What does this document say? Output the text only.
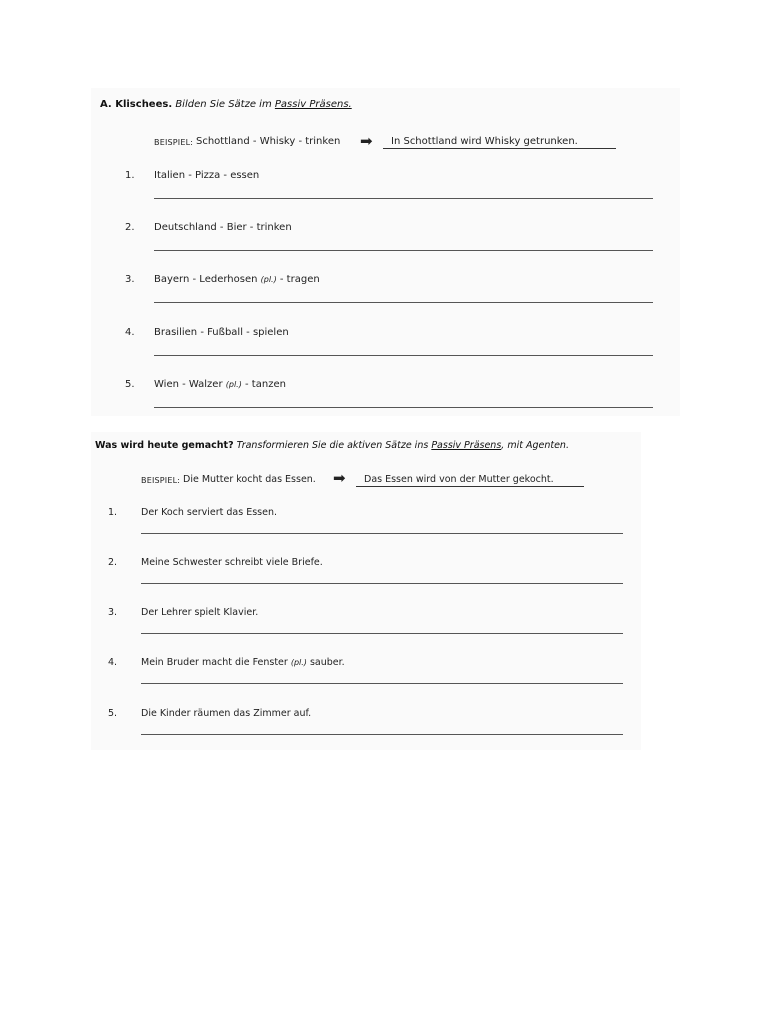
A. Klischees. Bilden Sie Sätze im Passiv Präsens.
BEISPIEL: Schottland - Whisky - trinken ➡	In Schottland wird Whisky getrunken.
1. Italien - Pizza - essen
2. Deutschland - Bier - trinken
3. Bayern - Lederhosen (pl.) - tragen
4. Brasilien - Fußball - spielen
5. Wien - Walzer (pl.) - tanzen
Was wird heute gemacht? Transformieren Sie die aktiven Sätze ins Passiv Präsens, mit Agenten.
BEISPIEL: Die Mutter kocht das Essen. ➡	Das Essen wird von der Mutter gekocht.
1.	Der Koch serviert das Essen.
2.	Meine Schwester schreibt viele Briefe.
3.	Der Lehrer spielt Klavier.
4.	Mein Bruder macht die Fenster (pl.) sauber.
5.	Die Kinder räumen das Zimmer auf.
